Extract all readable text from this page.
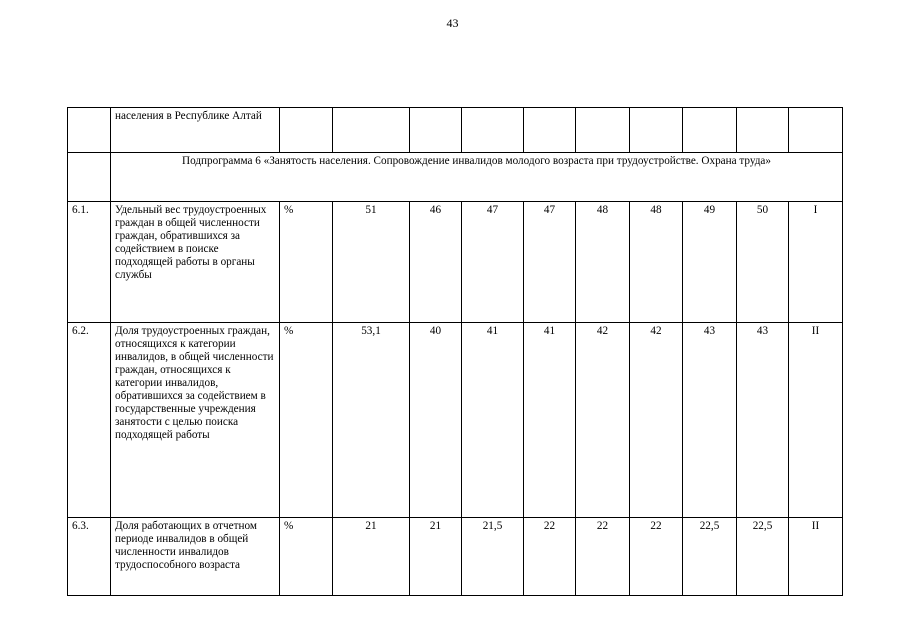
43
	населения в Республике Алтай										
	Подпрограмма 6 «Занятость населения. Сопровождение инвалидов молодого возраста при трудоустройстве. Охрана труда»										
6.1.	Удельный вес трудоустроенных граждан в общей численности граждан, обратившихся за содействием в поиске подходящей работы в органы службы	%	51	46	47	47	48	48	49	50	I
6.2.	Доля трудоустроенных граждан, относящихся к категории инвалидов, в общей численности граждан, относящихся к категории инвалидов, обратившихся за содействием в государственные учреждения занятости с целью поиска подходящей работы	%	53,1	40	41	41	42	42	43	43	II
6.3.	Доля работающих в отчетном периоде инвалидов в общей численности инвалидов трудоспособного возраста	%	21	21	21,5	22	22	22	22,5	22,5	II
